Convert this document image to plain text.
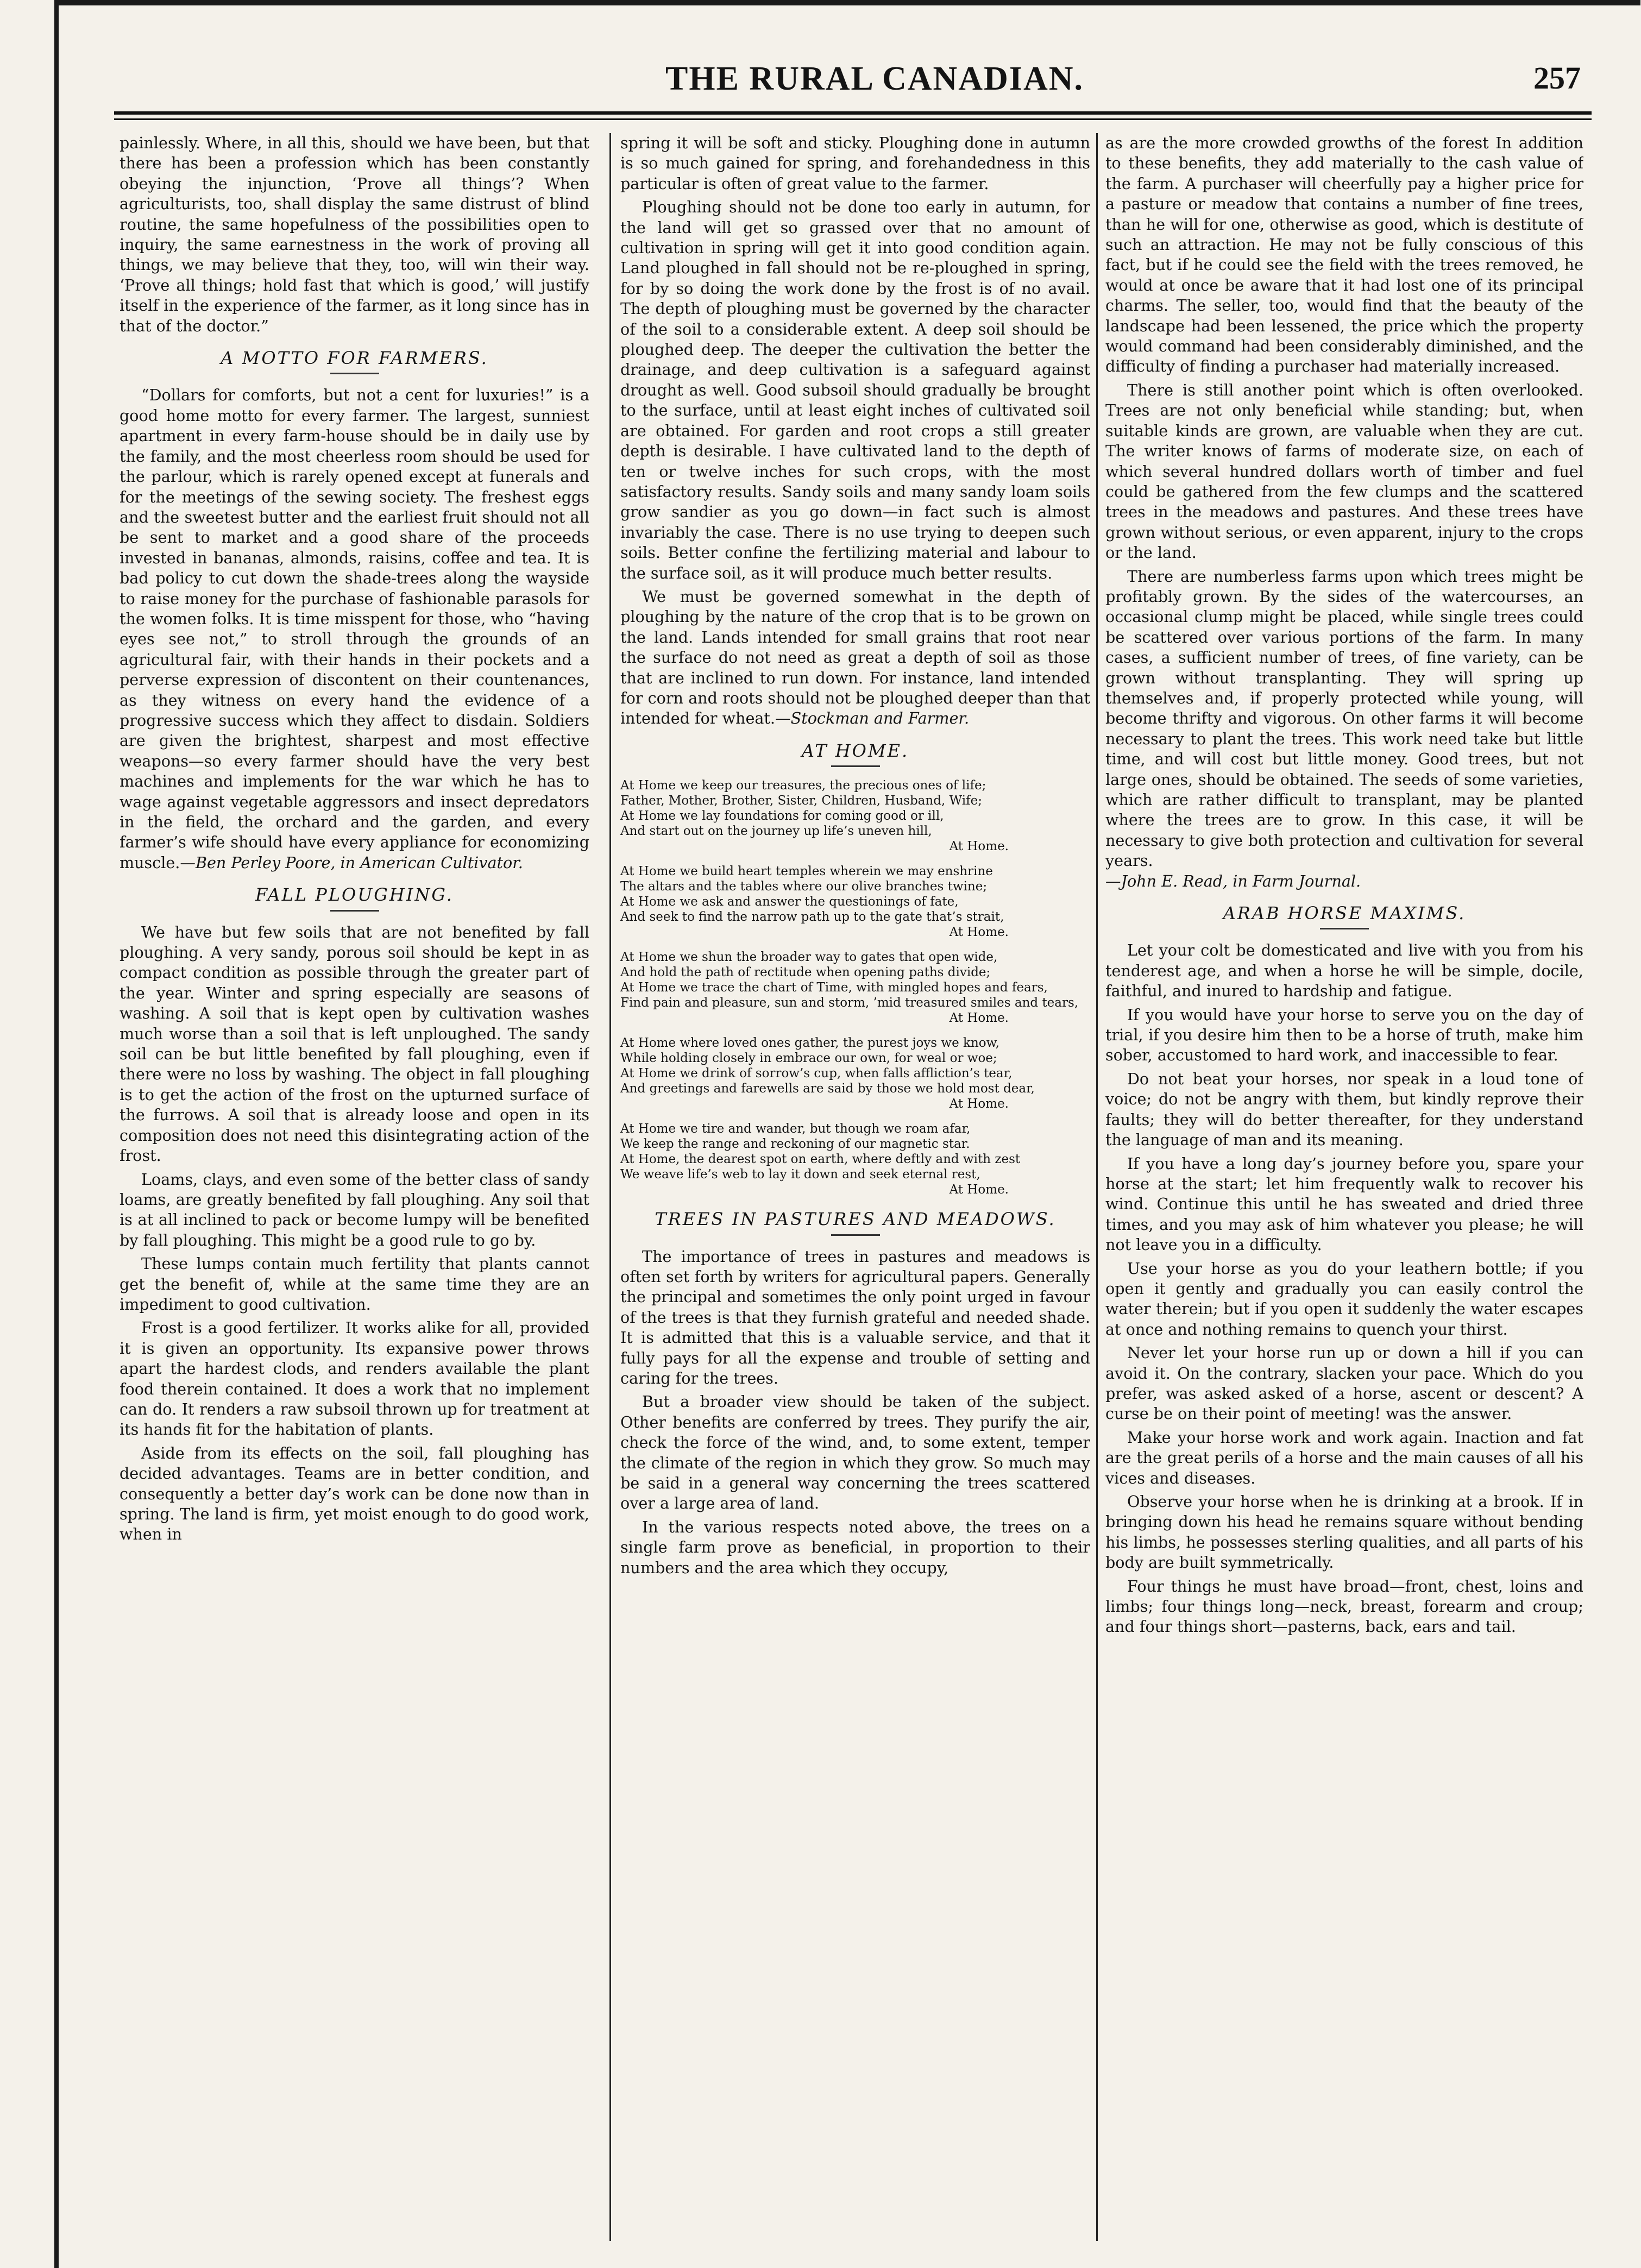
THE RURAL CANADIAN.	257

painlessly. Where, in all this, should we have been, but that there has been a profession which has been constantly obeying the injunction, ‘Prove all things’? When agriculturists, too, shall display the same distrust of blind routine, the same hopefulness of the possibilities open to inquiry, the same earnestness in the work of proving all things, we may believe that they, too, will win their way. ‘Prove all things; hold fast that which is good,’ will justify itself in the experience of the farmer, as it long since has in that of the doctor.”

A MOTTO FOR FARMERS.

“Dollars for comforts, but not a cent for luxuries!” is a good home motto for every farmer. The largest, sunniest apartment in every farm-house should be in daily use by the family, and the most cheerless room should be used for the parlour, which is rarely opened except at funerals and for the meetings of the sewing society. The freshest eggs and the sweetest butter and the earliest fruit should not all be sent to market and a good share of the proceeds invested in bananas, almonds, raisins, coffee and tea. It is bad policy to cut down the shade-trees along the wayside to raise money for the purchase of fashionable parasols for the women folks. It is time misspent for those, who “having eyes see not,” to stroll through the grounds of an agricultural fair, with their hands in their pockets and a perverse expression of discontent on their countenances, as they witness on every hand the evidence of a progressive success which they affect to disdain. Soldiers are given the brightest, sharpest and most effective weapons—so every farmer should have the very best machines and implements for the war which he has to wage against vegetable aggressors and insect depredators in the field, the orchard and the garden, and every farmer’s wife should have every appliance for economizing muscle.—Ben Perley Poore, in American Cultivator.

FALL PLOUGHING.

We have but few soils that are not benefited by fall ploughing. A very sandy, porous soil should be kept in as compact condition as possible through the greater part of the year. Winter and spring especially are seasons of washing. A soil that is kept open by cultivation washes much worse than a soil that is left unploughed. The sandy soil can be but little benefited by fall ploughing, even if there were no loss by washing. The object in fall ploughing is to get the action of the frost on the upturned surface of the furrows. A soil that is already loose and open in its composition does not need this disintegrating action of the frost.

Loams, clays, and even some of the better class of sandy loams, are greatly benefited by fall ploughing. Any soil that is at all inclined to pack or become lumpy will be benefited by fall ploughing. This might be a good rule to go by.

These lumps contain much fertility that plants cannot get the benefit of, while at the same time they are an impediment to good cultivation.

Frost is a good fertilizer. It works alike for all, provided it is given an opportunity. Its expansive power throws apart the hardest clods, and renders available the plant food therein contained. It does a work that no implement can do. It renders a raw subsoil thrown up for treatment at its hands fit for the habitation of plants.

Aside from its effects on the soil, fall ploughing has decided advantages. Teams are in better condition, and consequently a better day’s work can be done now than in spring. The land is firm, yet moist enough to do good work, when in

spring it will be soft and sticky. Ploughing done in autumn is so much gained for spring, and forehandedness in this particular is often of great value to the farmer.

Ploughing should not be done too early in autumn, for the land will get so grassed over that no amount of cultivation in spring will get it into good condition again. Land ploughed in fall should not be re-ploughed in spring, for by so doing the work done by the frost is of no avail. The depth of ploughing must be governed by the character of the soil to a considerable extent. A deep soil should be ploughed deep. The deeper the cultivation the better the drainage, and deep cultivation is a safeguard against drought as well. Good subsoil should gradually be brought to the surface, until at least eight inches of cultivated soil are obtained. For garden and root crops a still greater depth is desirable. I have cultivated land to the depth of ten or twelve inches for such crops, with the most satisfactory results. Sandy soils and many sandy loam soils grow sandier as you go down—in fact such is almost invariably the case. There is no use trying to deepen such soils. Better confine the fertilizing material and labour to the surface soil, as it will produce much better results.

We must be governed somewhat in the depth of ploughing by the nature of the crop that is to be grown on the land. Lands intended for small grains that root near the surface do not need as great a depth of soil as those that are inclined to run down. For instance, land intended for corn and roots should not be ploughed deeper than that intended for wheat.—Stockman and Farmer.

AT HOME.
At Home we keep our treasures, the precious ones of life;
Father, Mother, Brother, Sister, Children, Husband, Wife;
At Home we lay foundations for coming good or ill,
And start out on the journey up life’s uneven hill,
At Home.
At Home we build heart temples wherein we may enshrine
The altars and the tables where our olive branches twine;
At Home we ask and answer the questionings of fate,
And seek to find the narrow path up to the gate that’s strait,
At Home.
At Home we shun the broader way to gates that open wide,
And hold the path of rectitude when opening paths divide;
At Home we trace the chart of Time, with mingled hopes and fears,
Find pain and pleasure, sun and storm, ’mid treasured smiles and tears,
At Home.
At Home where loved ones gather, the purest joys we know,
While holding closely in embrace our own, for weal or woe;
At Home we drink of sorrow’s cup, when falls affliction’s tear,
And greetings and farewells are said by those we hold most dear,
At Home.
At Home we tire and wander, but though we roam afar,
We keep the range and reckoning of our magnetic star.
At Home, the dearest spot on earth, where deftly and with zest
We weave life’s web to lay it down and seek eternal rest,
At Home.
TREES IN PASTURES AND MEADOWS.

The importance of trees in pastures and meadows is often set forth by writers for agricultural papers. Generally the principal and sometimes the only point urged in favour of the trees is that they furnish grateful and needed shade. It is admitted that this is a valuable service, and that it fully pays for all the expense and trouble of setting and caring for the trees.

But a broader view should be taken of the subject. Other benefits are conferred by trees. They purify the air, check the force of the wind, and, to some extent, temper the climate of the region in which they grow. So much may be said in a general way concerning the trees scattered over a large area of land.

In the various respects noted above, the trees on a single farm prove as beneficial, in proportion to their numbers and the area which they occupy,

as are the more crowded growths of the forest In addition to these benefits, they add materially to the cash value of the farm. A purchaser will cheerfully pay a higher price for a pasture or meadow that contains a number of fine trees, than he will for one, otherwise as good, which is destitute of such an attraction. He may not be fully conscious of this fact, but if he could see the field with the trees removed, he would at once be aware that it had lost one of its principal charms. The seller, too, would find that the beauty of the landscape had been lessened, the price which the property would command had been considerably diminished, and the difficulty of finding a purchaser had materially increased.

There is still another point which is often overlooked. Trees are not only beneficial while standing; but, when suitable kinds are grown, are valuable when they are cut. The writer knows of farms of moderate size, on each of which several hundred dollars worth of timber and fuel could be gathered from the few clumps and the scattered trees in the meadows and pastures. And these trees have grown without serious, or even apparent, injury to the crops or the land.

There are numberless farms upon which trees might be profitably grown. By the sides of the watercourses, an occasional clump might be placed, while single trees could be scattered over various portions of the farm. In many cases, a sufficient number of trees, of fine variety, can be grown without transplanting. They will spring up themselves and, if properly protected while young, will become thrifty and vigorous. On other farms it will become necessary to plant the trees. This work need take but little time, and will cost but little money. Good trees, but not large ones, should be obtained. The seeds of some varieties, which are rather difficult to transplant, may be planted where the trees are to grow. In this case, it will be necessary to give both protection and cultivation for several years.
—John E. Read, in Farm Journal.

ARAB HORSE MAXIMS.

Let your colt be domesticated and live with you from his tenderest age, and when a horse he will be simple, docile, faithful, and inured to hardship and fatigue.

If you would have your horse to serve you on the day of trial, if you desire him then to be a horse of truth, make him sober, accustomed to hard work, and inaccessible to fear.

Do not beat your horses, nor speak in a loud tone of voice; do not be angry with them, but kindly reprove their faults; they will do better thereafter, for they understand the language of man and its meaning.

If you have a long day’s journey before you, spare your horse at the start; let him frequently walk to recover his wind. Continue this until he has sweated and dried three times, and you may ask of him whatever you please; he will not leave you in a difficulty.

Use your horse as you do your leathern bottle; if you open it gently and gradually you can easily control the water therein; but if you open it suddenly the water escapes at once and nothing remains to quench your thirst.

Never let your horse run up or down a hill if you can avoid it. On the contrary, slacken your pace. Which do you prefer, was asked asked of a horse, ascent or descent? A curse be on their point of meeting! was the answer.

Make your horse work and work again. Inaction and fat are the great perils of a horse and the main causes of all his vices and diseases.

Observe your horse when he is drinking at a brook. If in bringing down his head he remains square without bending his limbs, he possesses sterling qualities, and all parts of his body are built symmetrically.

Four things he must have broad—front, chest, loins and limbs; four things long—neck, breast, forearm and croup; and four things short—pasterns, back, ears and tail.
